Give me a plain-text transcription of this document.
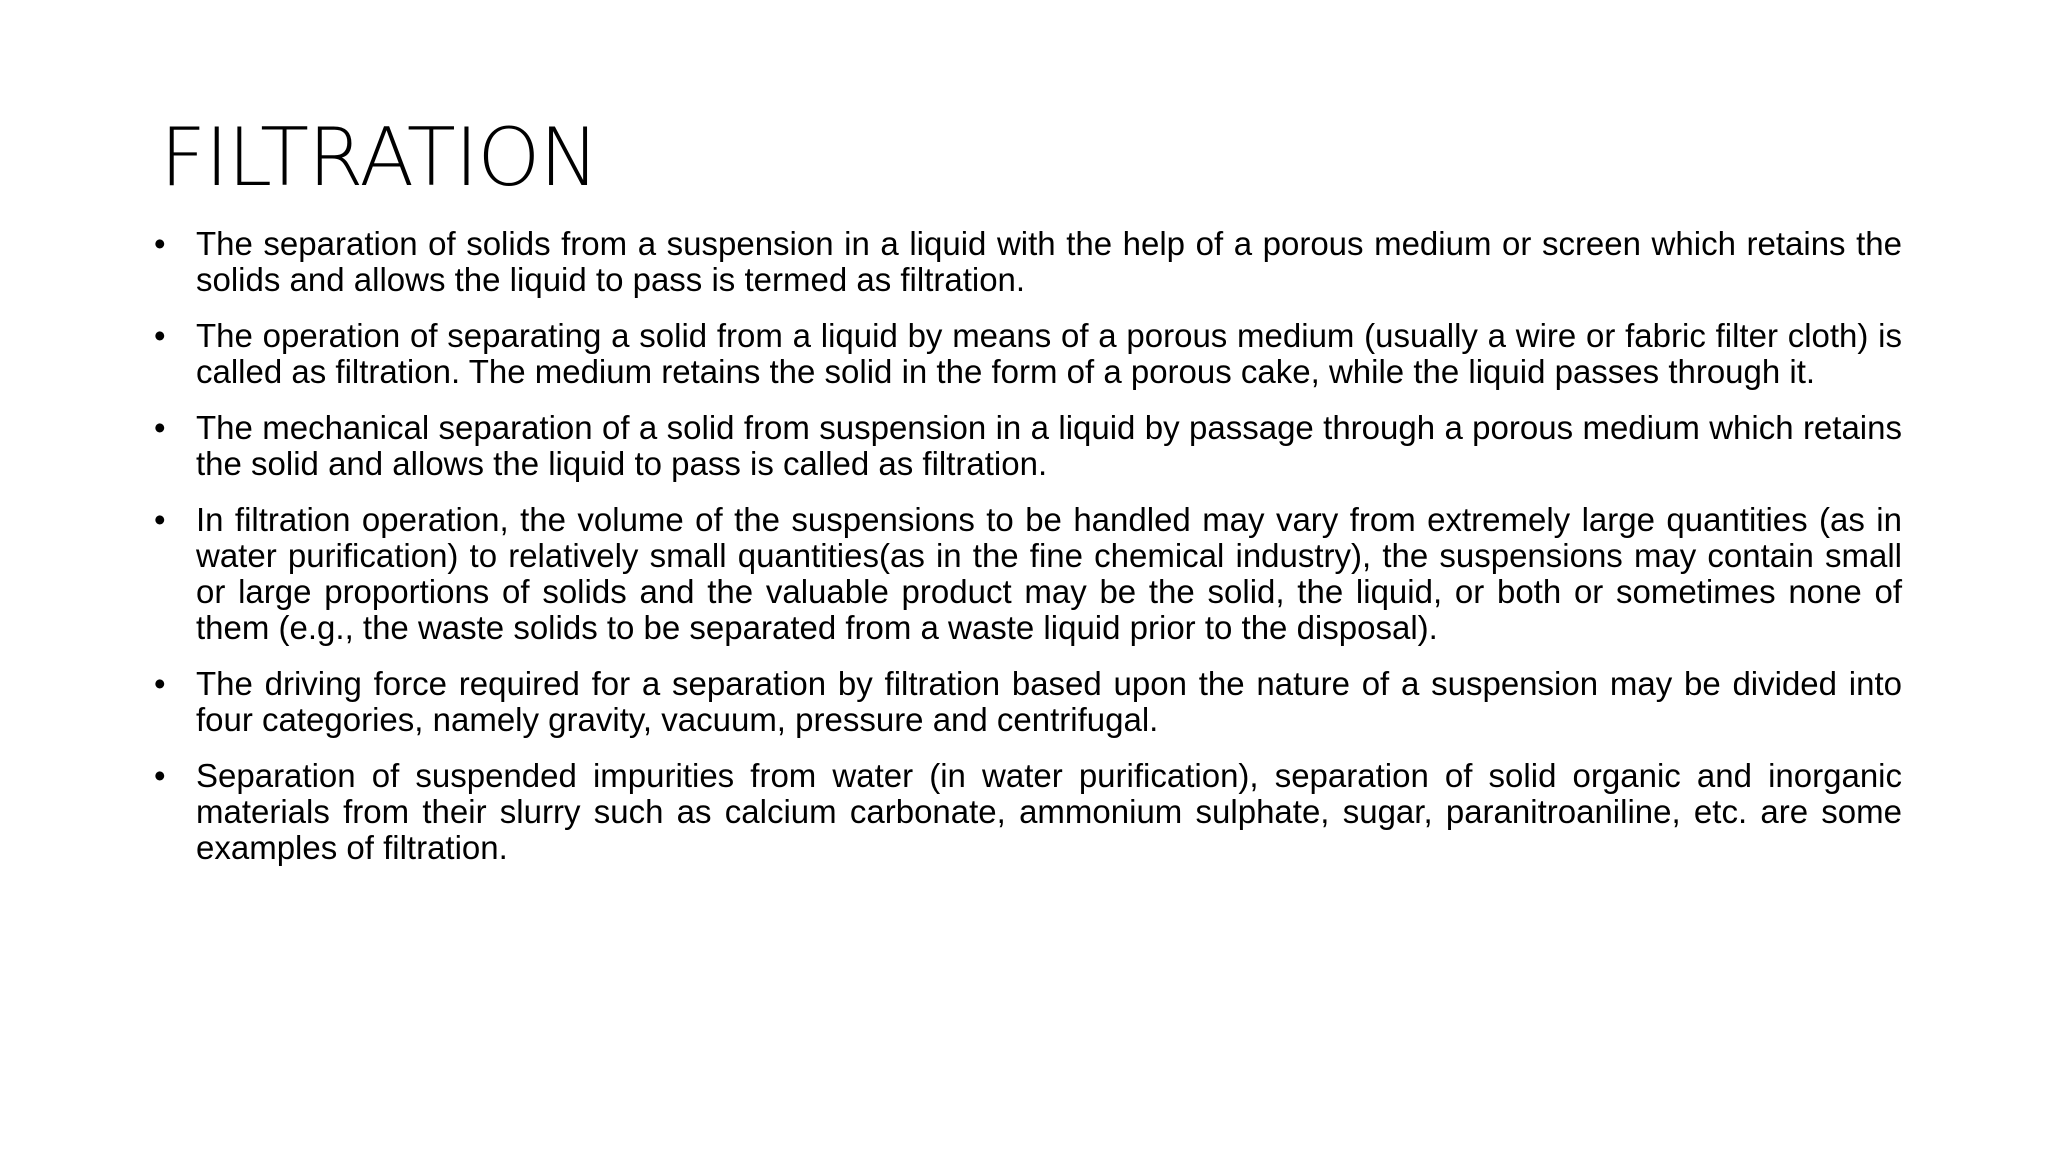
FILTRATION
• The separation of solids from a suspension in a liquid with the help of a porous medium or screen which retains the solids and allows the liquid to pass is termed as filtration.
• The operation of separating a solid from a liquid by means of a porous medium (usually a wire or fabric filter cloth) is called as filtration. The medium retains the solid in the form of a porous cake, while the liquid passes through it.
• The mechanical separation of a solid from suspension in a liquid by passage through a porous medium which retains the solid and allows the liquid to pass is called as filtration.
• In filtration operation, the volume of the suspensions to be handled may vary from extremely large quantities (as in water purification) to relatively small quantities(as in the fine chemical industry), the suspensions may contain small or large proportions of solids and the valuable product may be the solid, the liquid, or both or sometimes none of them (e.g., the waste solids to be separated from a waste liquid prior to the disposal).
• The driving force required for a separation by filtration based upon the nature of a suspension may be divided into four categories, namely gravity, vacuum, pressure and centrifugal.
• Separation of suspended impurities from water (in water purification), separation of solid organic and inorganic materials from their slurry such as calcium carbonate, ammonium sulphate, sugar, paranitroaniline, etc. are some examples of filtration.
